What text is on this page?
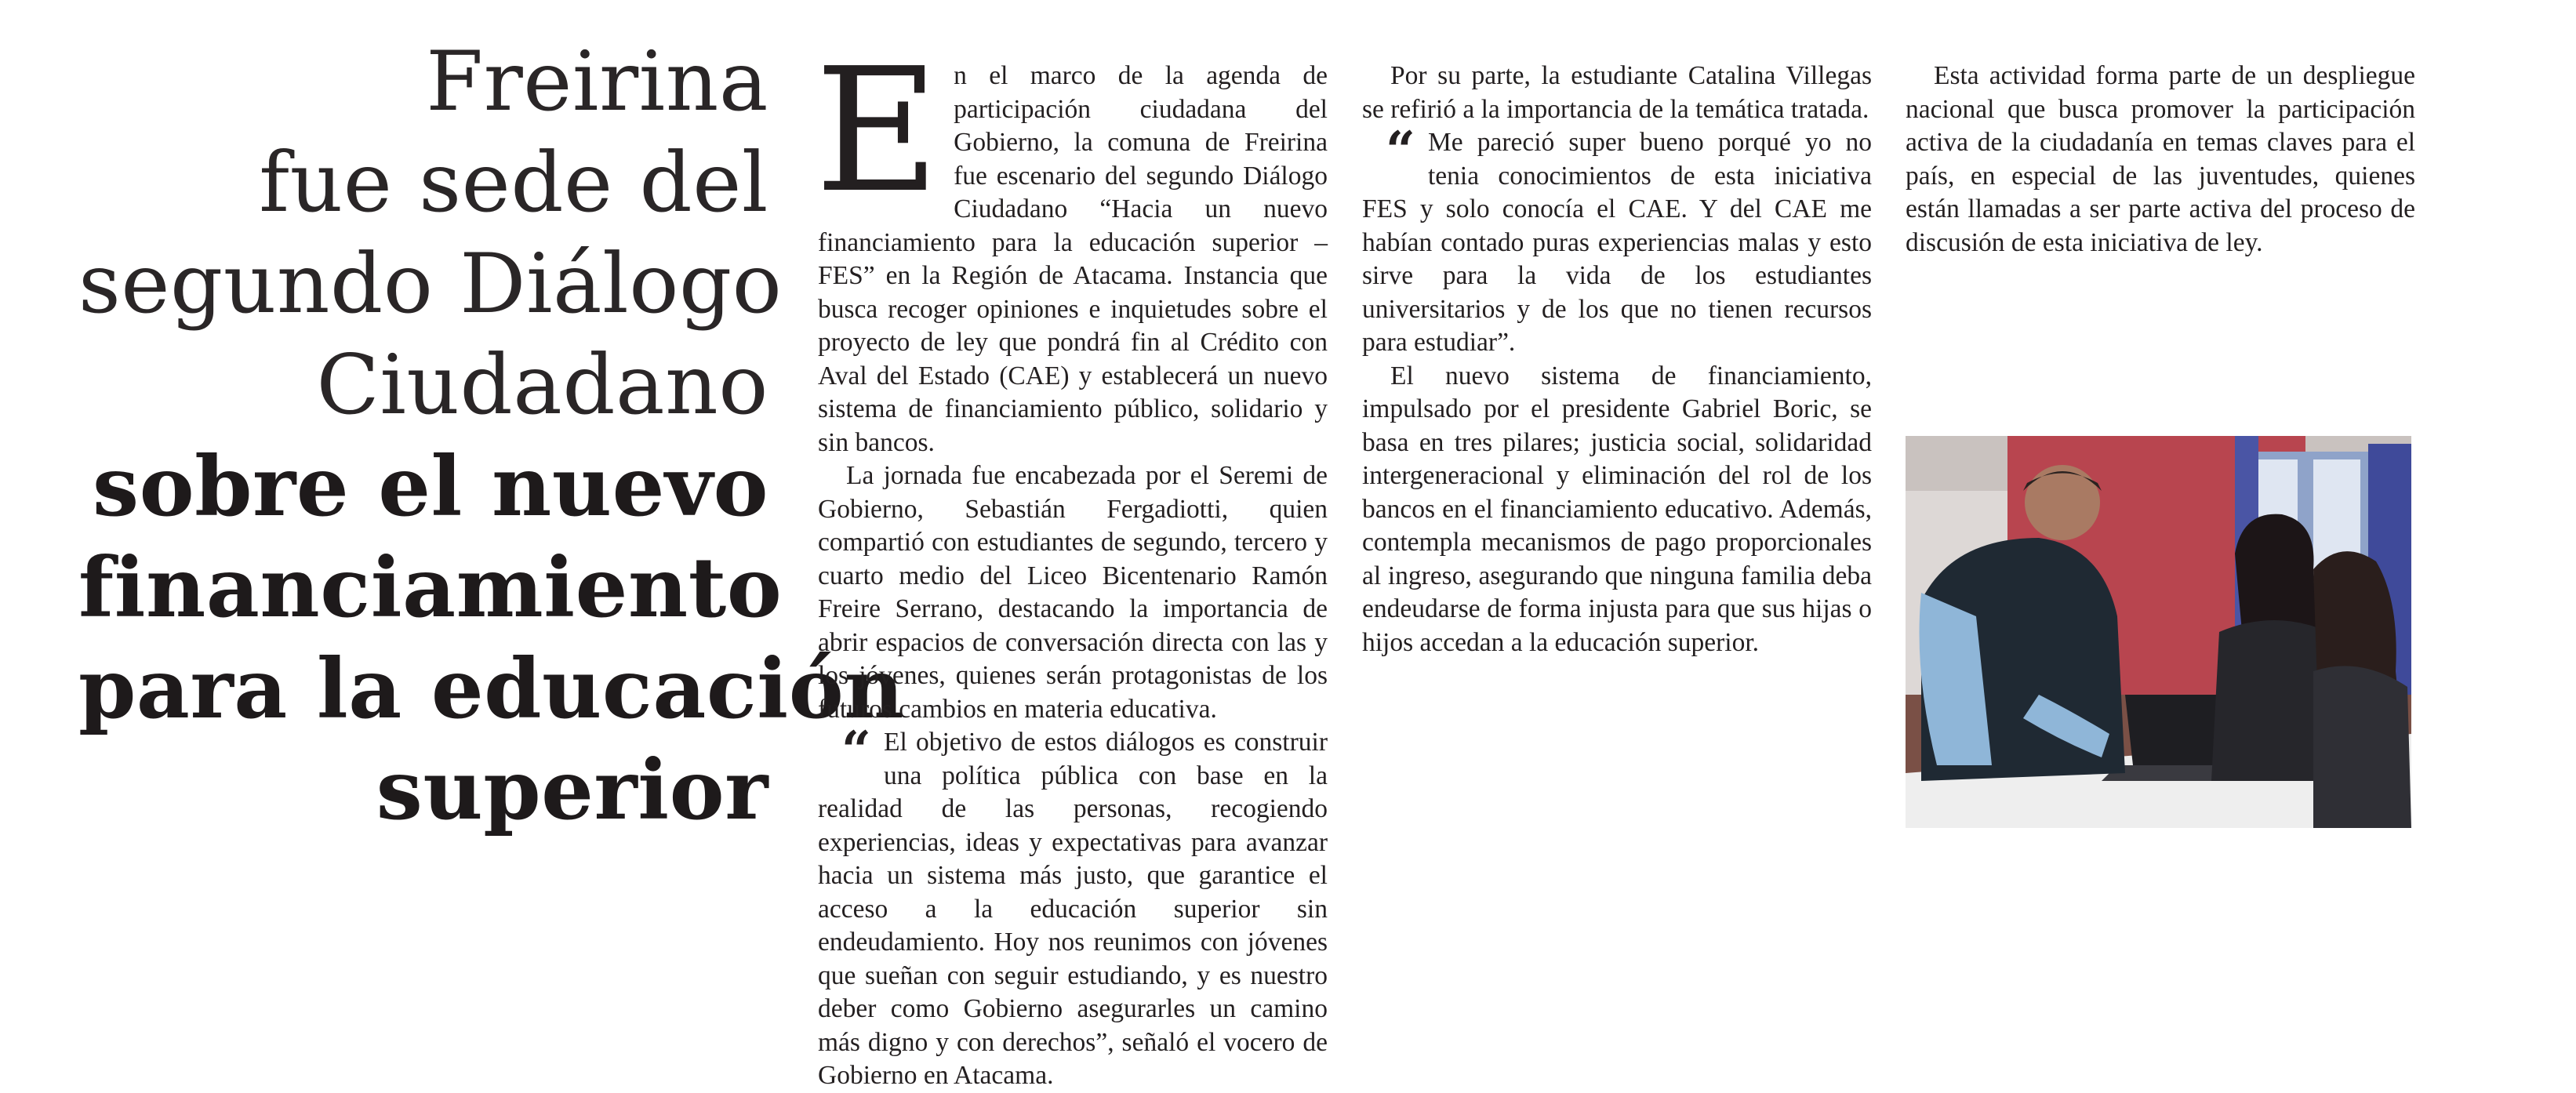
Freirina
fue sede del
segundo Diálogo
Ciudadano
sobre el nuevo
financiamiento
para la educación
superior

En el marco de la agenda de participación ciudadana del Gobierno, la comuna de Freirina fue escenario del segundo Diálogo Ciudadano “Hacia un nuevo financiamiento para la educación superior – FES” en la Región de Atacama. Instancia que busca recoger opiniones e inquietudes sobre el proyecto de ley que pondrá fin al Crédito con Aval del Estado (CAE) y establecerá un nuevo sistema de financiamiento público, solidario y sin bancos.

La jornada fue encabezada por el Seremi de Gobierno, Sebastián Fergadiotti, quien compartió con estudiantes de segundo, tercero y cuarto medio del Liceo Bicentenario Ramón Freire Serrano, destacando la importancia de abrir espacios de conversación directa con las y los jóvenes, quienes serán protagonistas de los futuros cambios en materia educativa.

“ El objetivo de estos diálogos es construir una política pública con base en la realidad de las personas, recogiendo experiencias, ideas y expectativas para avanzar hacia un sistema más justo, que garantice el acceso a la educación superior sin endeudamiento. Hoy nos reunimos con jóvenes que sueñan con seguir estudiando, y es nuestro deber como Gobierno asegurarles un camino más digno y con derechos”, señaló el vocero de Gobierno en Atacama.

Por su parte, la estudiante Catalina Villegas se refirió a la importancia de la temática tratada.

“ Me pareció super bueno porqué yo no tenia conocimientos de esta iniciativa FES y solo conocía el CAE. Y del CAE me habían contado puras experiencias malas y esto sirve para la vida de los estudiantes universitarios y de los que no tienen recursos para estudiar”.

El nuevo sistema de financiamiento, impulsado por el presidente Gabriel Boric, se basa en tres pilares; justicia social, solidaridad intergeneracional y eliminación del rol de los bancos en el financiamiento educativo. Además, contempla mecanismos de pago proporcionales al ingreso, asegurando que ninguna familia deba endeudarse de forma injusta para que sus hijas o hijos accedan a la educación superior.

Esta actividad forma parte de un despliegue nacional que busca promover la participación activa de la ciudadanía en temas claves para el país, en especial de las juventudes, quienes están llamadas a ser parte activa del proceso de discusión de esta iniciativa de ley.
